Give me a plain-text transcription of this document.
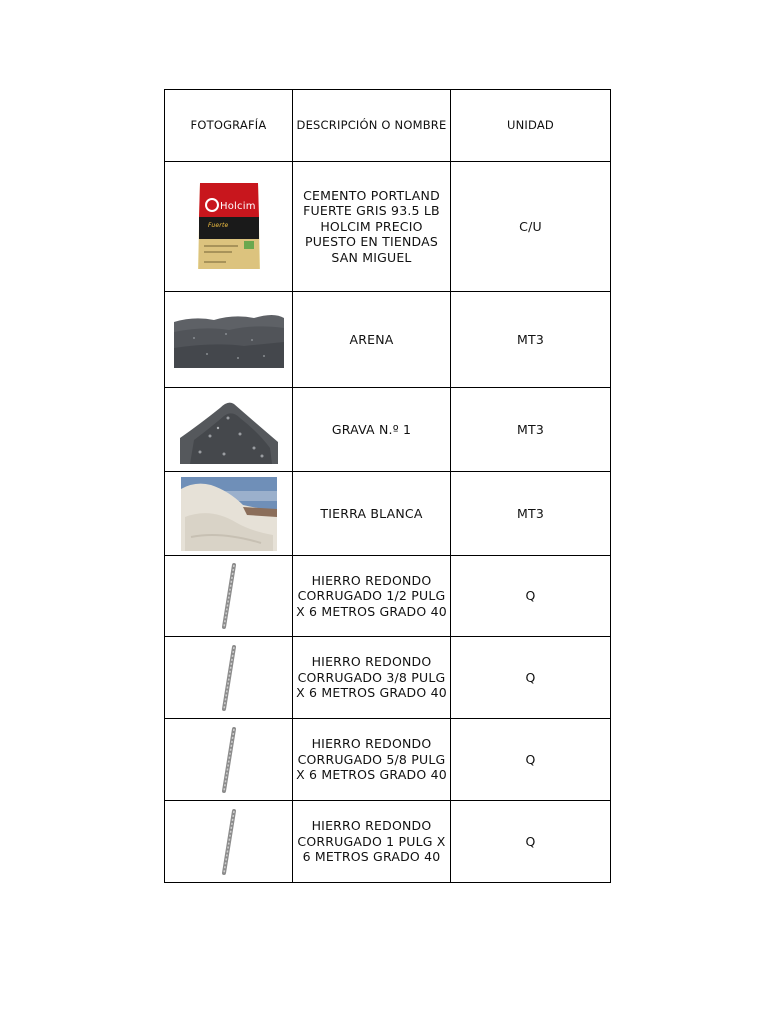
FOTOGRAFÍA	DESCRIPCIÓN O NOMBRE	UNIDAD

Holcim
Fuerte	CEMENTO PORTLAND FUERTE GRIS 93.5 LB HOLCIM PRECIO PUESTO EN TIENDAS SAN MIGUEL	C/U

	ARENA	MT3

	GRAVA N.º 1	MT3

	TIERRA BLANCA	MT3

	HIERRO REDONDO CORRUGADO 1/2 PULG X 6 METROS GRADO 40	Q

	HIERRO REDONDO CORRUGADO 3/8 PULG X 6 METROS GRADO 40	Q

	HIERRO REDONDO CORRUGADO 5/8 PULG X 6 METROS GRADO 40	Q

	HIERRO REDONDO CORRUGADO 1 PULG X 6 METROS GRADO 40	Q
